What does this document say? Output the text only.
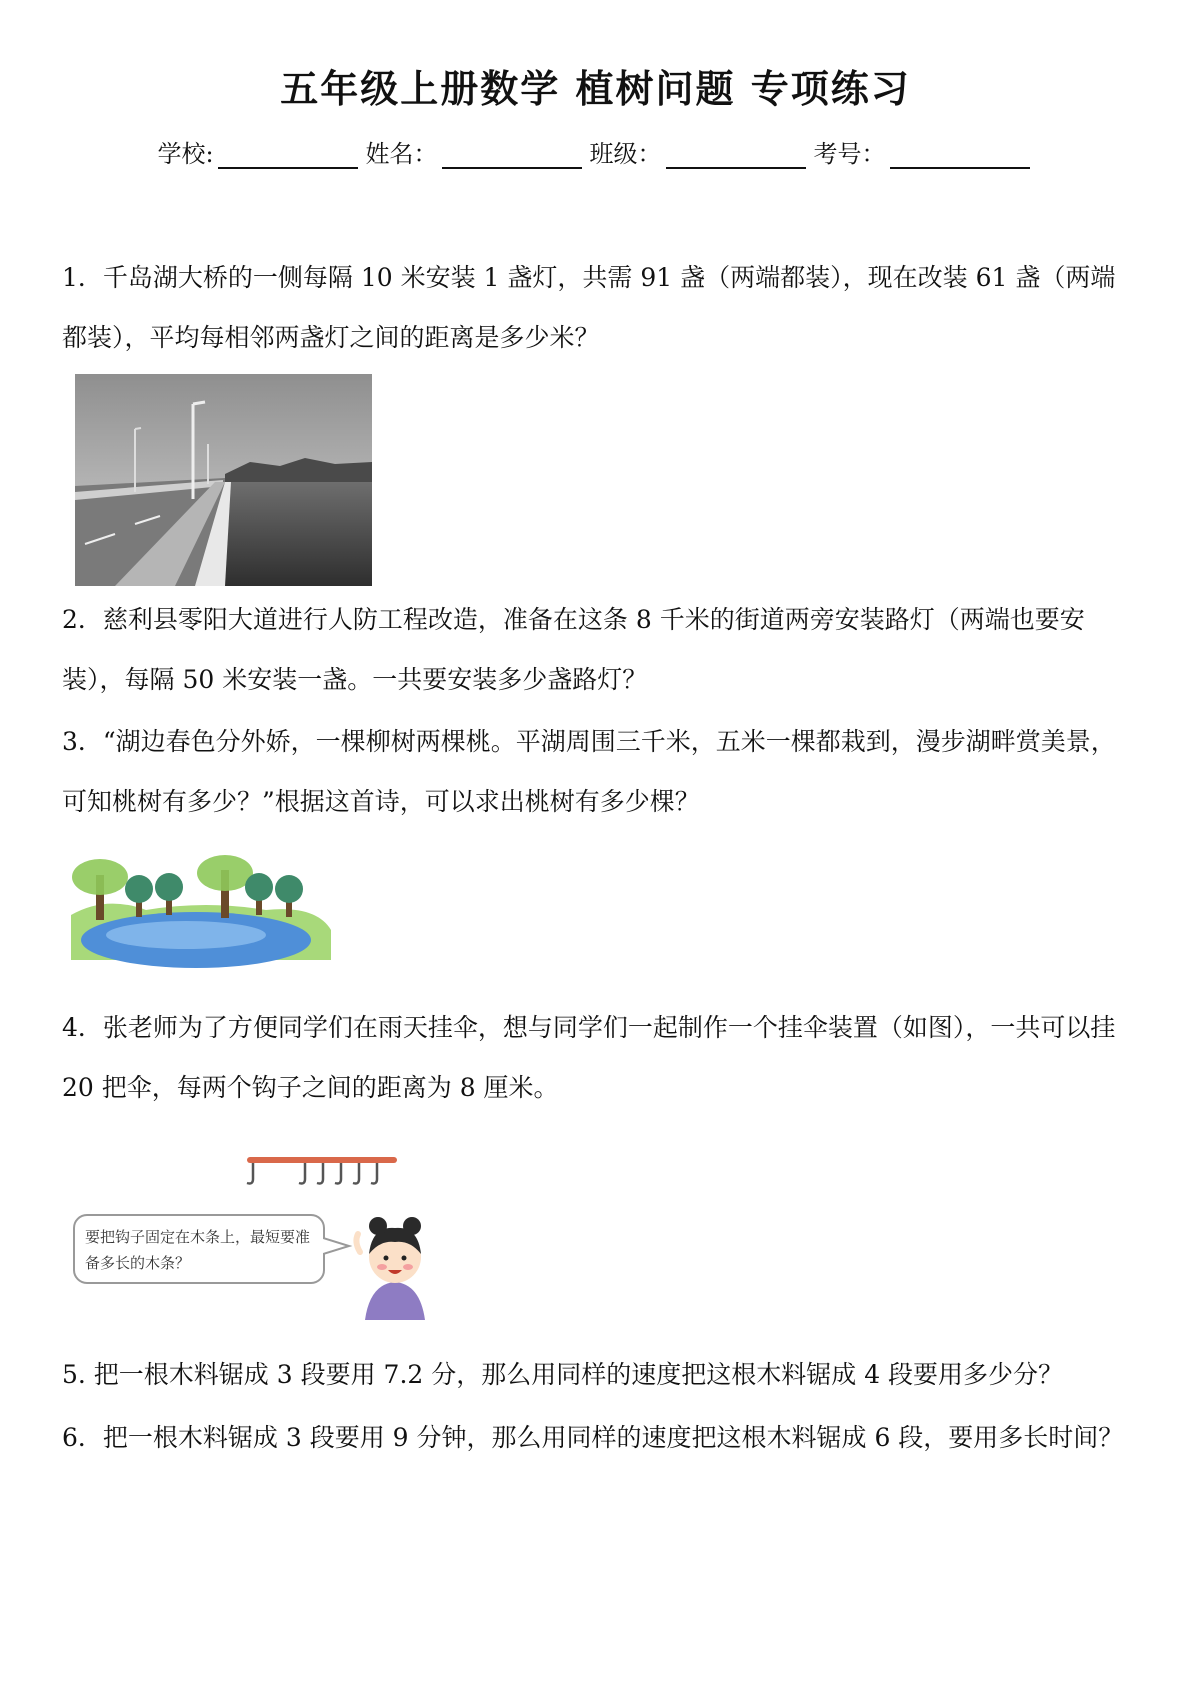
五年级上册数学 植树问题 专项练习
学校:	姓名：	班级：	考号：
1．千岛湖大桥的一侧每隔 10 米安装 1 盏灯，共需 91 盏（两端都装），现在改装 61 盏（两端都装），平均每相邻两盏灯之间的距离是多少米？
2．慈利县零阳大道进行人防工程改造，准备在这条 8 千米的街道两旁安装路灯（两端也要安装），每隔 50 米安装一盏。一共要安装多少盏路灯？
3．“湖边春色分外娇，一棵柳树两棵桃。平湖周围三千米，五米一棵都栽到，漫步湖畔赏美景，可知桃树有多少？”根据这首诗，可以求出桃树有多少棵？
4．张老师为了方便同学们在雨天挂伞，想与同学们一起制作一个挂伞装置（如图），一共可以挂 20 把伞，每两个钩子之间的距离为 8 厘米。
要把钩子固定在木条上，最短要准备多长的木条？
5. 把一根木料锯成 3 段要用 7.2 分，那么用同样的速度把这根木料锯成 4 段要用多少分？
6．把一根木料锯成 3 段要用 9 分钟，那么用同样的速度把这根木料锯成 6 段，要用多长时间？
